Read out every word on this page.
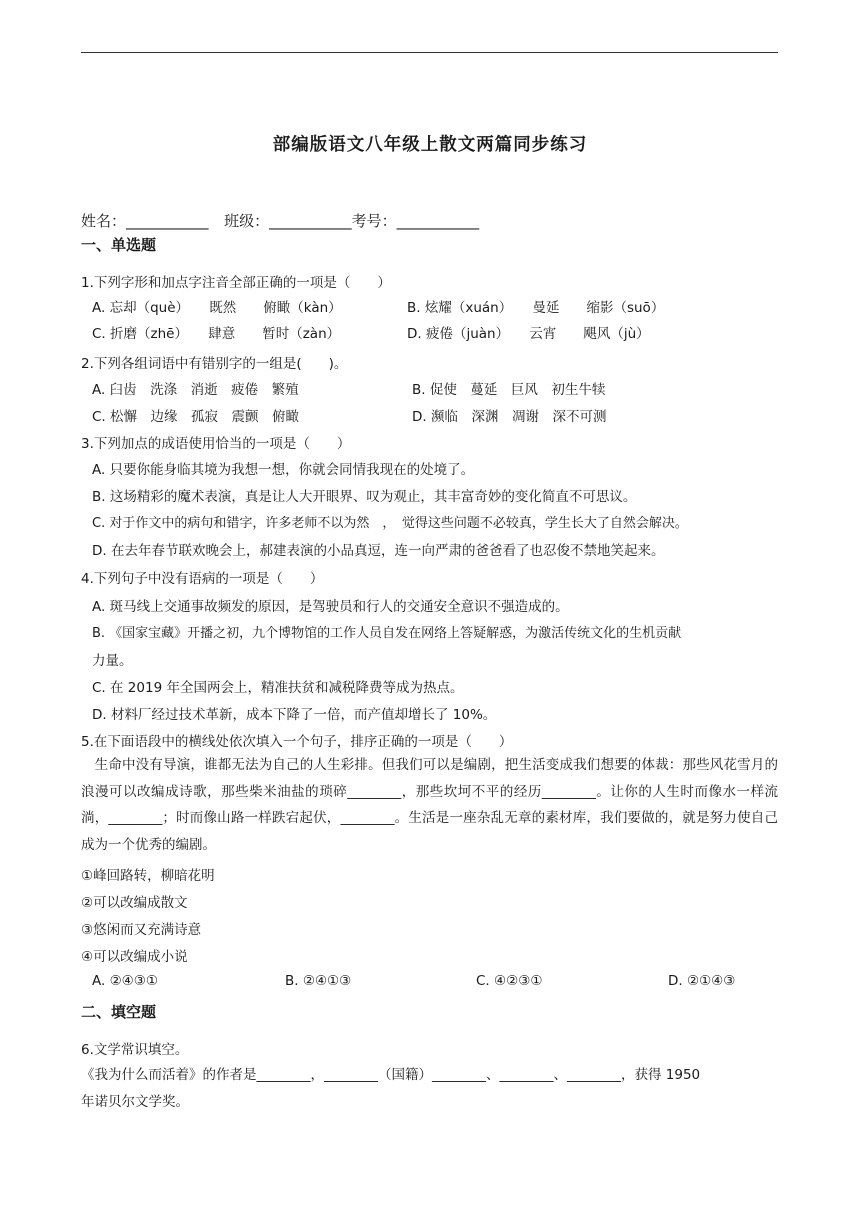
部编版语文八年级上散文两篇同步练习
姓名：___________ 班级：___________考号：___________
一、单选题
1.下列字形和加点字注音全部正确的一项是（　　）
A. 忘却（què）　　既然　　俯瞰（kàn）	B. 炫耀（xuán）　　曼延　　缩影（suō）
C. 折磨（zhē）　　肆意　　暂时（zàn）	D. 疲倦（juàn）　　云宵　　飓风（jù）
2.下列各组词语中有错别字的一组是(　　)。
A. 臼齿　洗涤　消逝　疲倦　繁殖	B. 促使　蔓延　巨风　初生牛犊
C. 松懈　边缘　孤寂　震颤　俯瞰	D. 濒临　深渊　凋谢　深不可测
3.下列加点的成语使用恰当的一项是（　　）
A. 只要你能身临其境为我想一想，你就会同情我现在的处境了。
B. 这场精彩的魔术表演，真是让人大开眼界、叹为观止，其丰富奇妙的变化简直不可思议。
C. 对于作文中的病句和错字，许多老师不以为然　，　觉得这些问题不必较真，学生长大了自然会解决。
D. 在去年春节联欢晚会上，郝建表演的小品真逗，连一向严肃的爸爸看了也忍俊不禁地笑起来。
4.下列句子中没有语病的一项是（　　）
A. 斑马线上交通事故频发的原因，是驾驶员和行人的交通安全意识不强造成的。
B. 《国家宝藏》开播之初，九个博物馆的工作人员自发在网络上答疑解惑，为激活传统文化的生机贡献
力量。
C. 在 2019 年全国两会上，精准扶贫和减税降费等成为热点。
D. 材料厂经过技术革新，成本下降了一倍，而产值却增长了 10%。
5.在下面语段中的横线处依次填入一个句子，排序正确的一项是（　　）
　生命中没有导演，谁都无法为自己的人生彩排。但我们可以是编剧，把生活变成我们想要的体裁：那些风花雪月的浪漫可以改编成诗歌，那些柴米油盐的琐碎________，那些坎坷不平的经历________。让你的人生时而像水一样流淌，________；时而像山路一样跌宕起伏，________。生活是一座杂乱无章的素材库，我们要做的，就是努力使自己成为一个优秀的编剧。
①峰回路转，柳暗花明
②可以改编成散文
③悠闲而又充满诗意
④可以改编成小说
A. ②④③①	B. ②④①③	C. ④②③①	D. ②①④③
二、填空题
6.文学常识填空。
《我为什么而活着》的作者是________，________（国籍）________、________、________，获得 1950
年诺贝尔文学奖。
